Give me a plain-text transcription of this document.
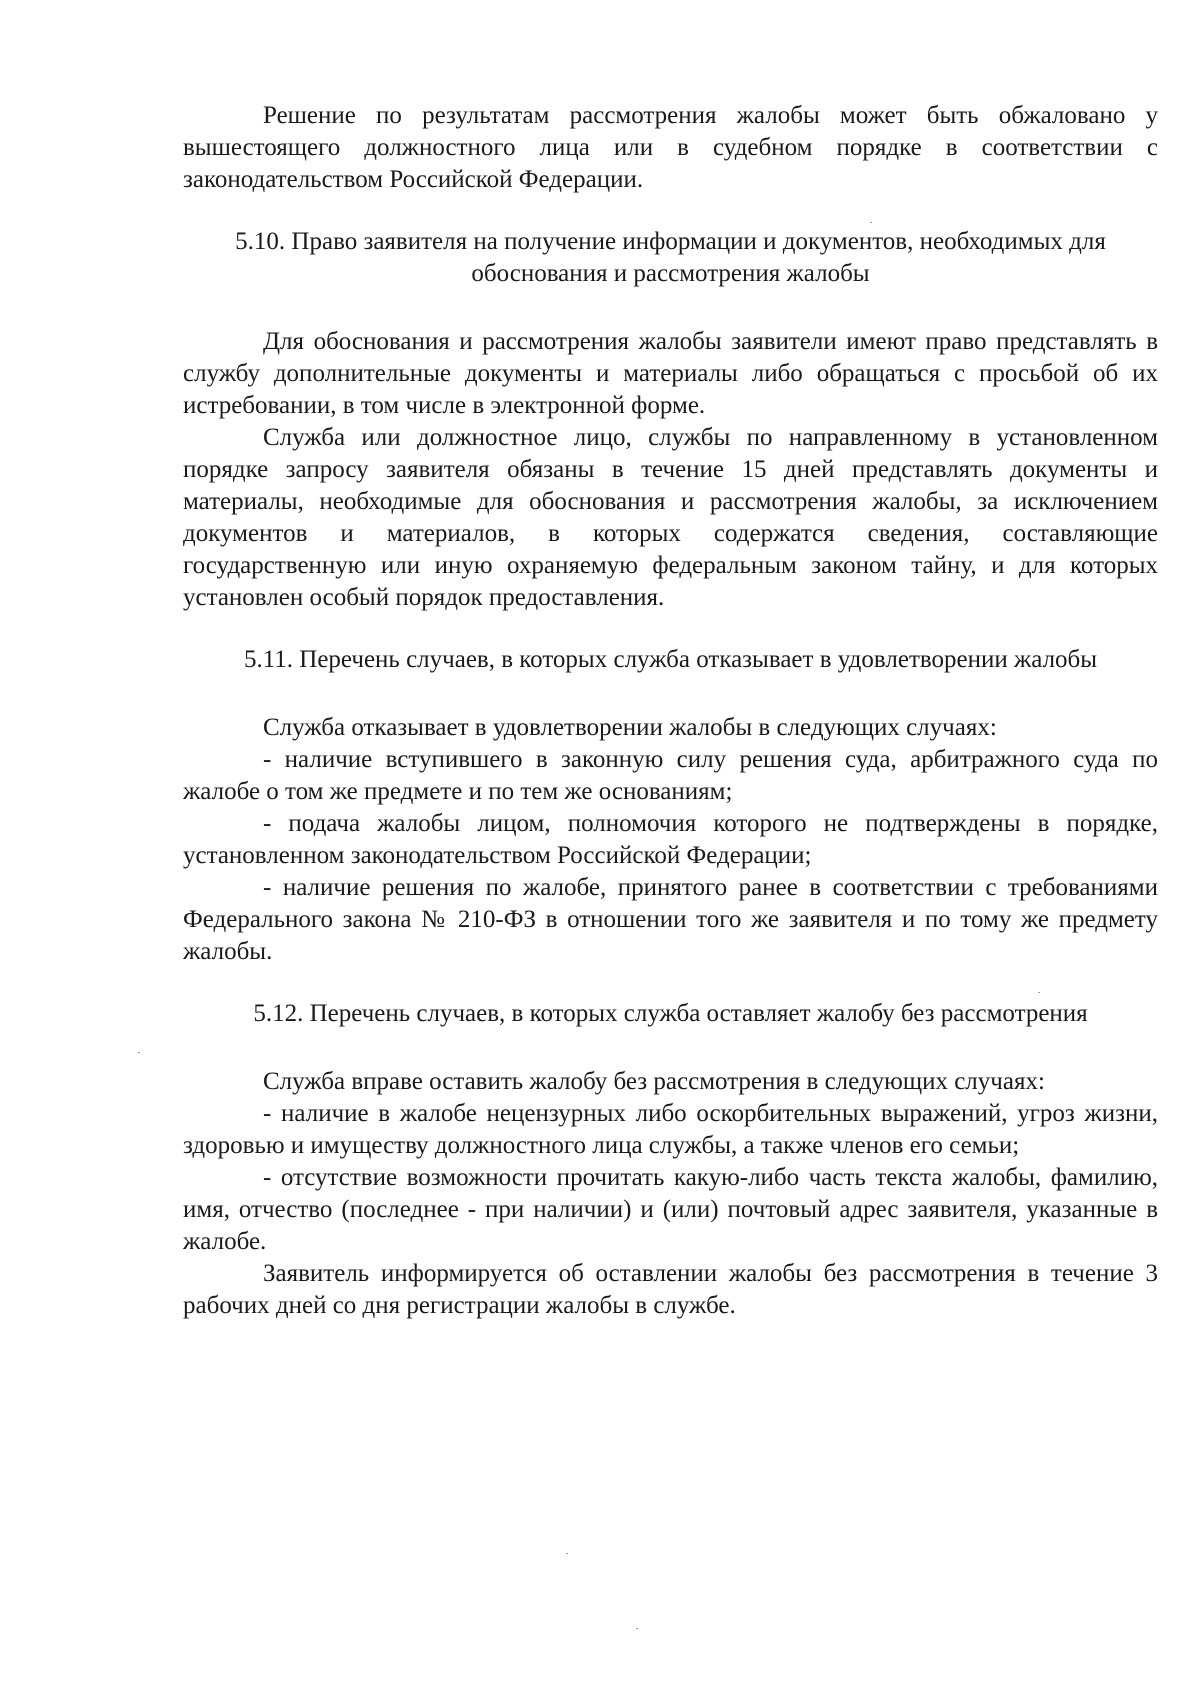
Решение по результатам рассмотрения жалобы может быть обжаловано у вышестоящего должностного лица или в судебном порядке в соответствии с законодательством Российской Федерации.

5.10. Право заявителя на получение информации и документов, необходимых для обоснования и рассмотрения жалобы

Для обоснования и рассмотрения жалобы заявители имеют право представлять в службу дополнительные документы и материалы либо обращаться с просьбой об их истребовании, в том числе в электронной форме.

Служба или должностное лицо, службы по направленному в установленном порядке запросу заявителя обязаны в течение 15 дней представлять документы и материалы, необходимые для обоснования и рассмотрения жалобы, за исключением документов и материалов, в которых содержатся сведения, составляющие государственную или иную охраняемую федеральным законом тайну, и для которых установлен особый порядок предоставления.

5.11. Перечень случаев, в которых служба отказывает в удовлетворении жалобы

Служба отказывает в удовлетворении жалобы в следующих случаях:

- наличие вступившего в законную силу решения суда, арбитражного суда по жалобе о том же предмете и по тем же основаниям;

- подача жалобы лицом, полномочия которого не подтверждены в порядке, установленном законодательством Российской Федерации;

- наличие решения по жалобе, принятого ранее в соответствии с требованиями Федерального закона № 210-ФЗ в отношении того же заявителя и по тому же предмету жалобы.

5.12. Перечень случаев, в которых служба оставляет жалобу без рассмотрения

Служба вправе оставить жалобу без рассмотрения в следующих случаях:

- наличие в жалобе нецензурных либо оскорбительных выражений, угроз жизни, здоровью и имуществу должностного лица службы, а также членов его семьи;

- отсутствие возможности прочитать какую-либо часть текста жалобы, фамилию, имя, отчество (последнее - при наличии) и (или) почтовый адрес заявителя, указанные в жалобе.

Заявитель информируется об оставлении жалобы без рассмотрения в течение 3 рабочих дней со дня регистрации жалобы в службе.
